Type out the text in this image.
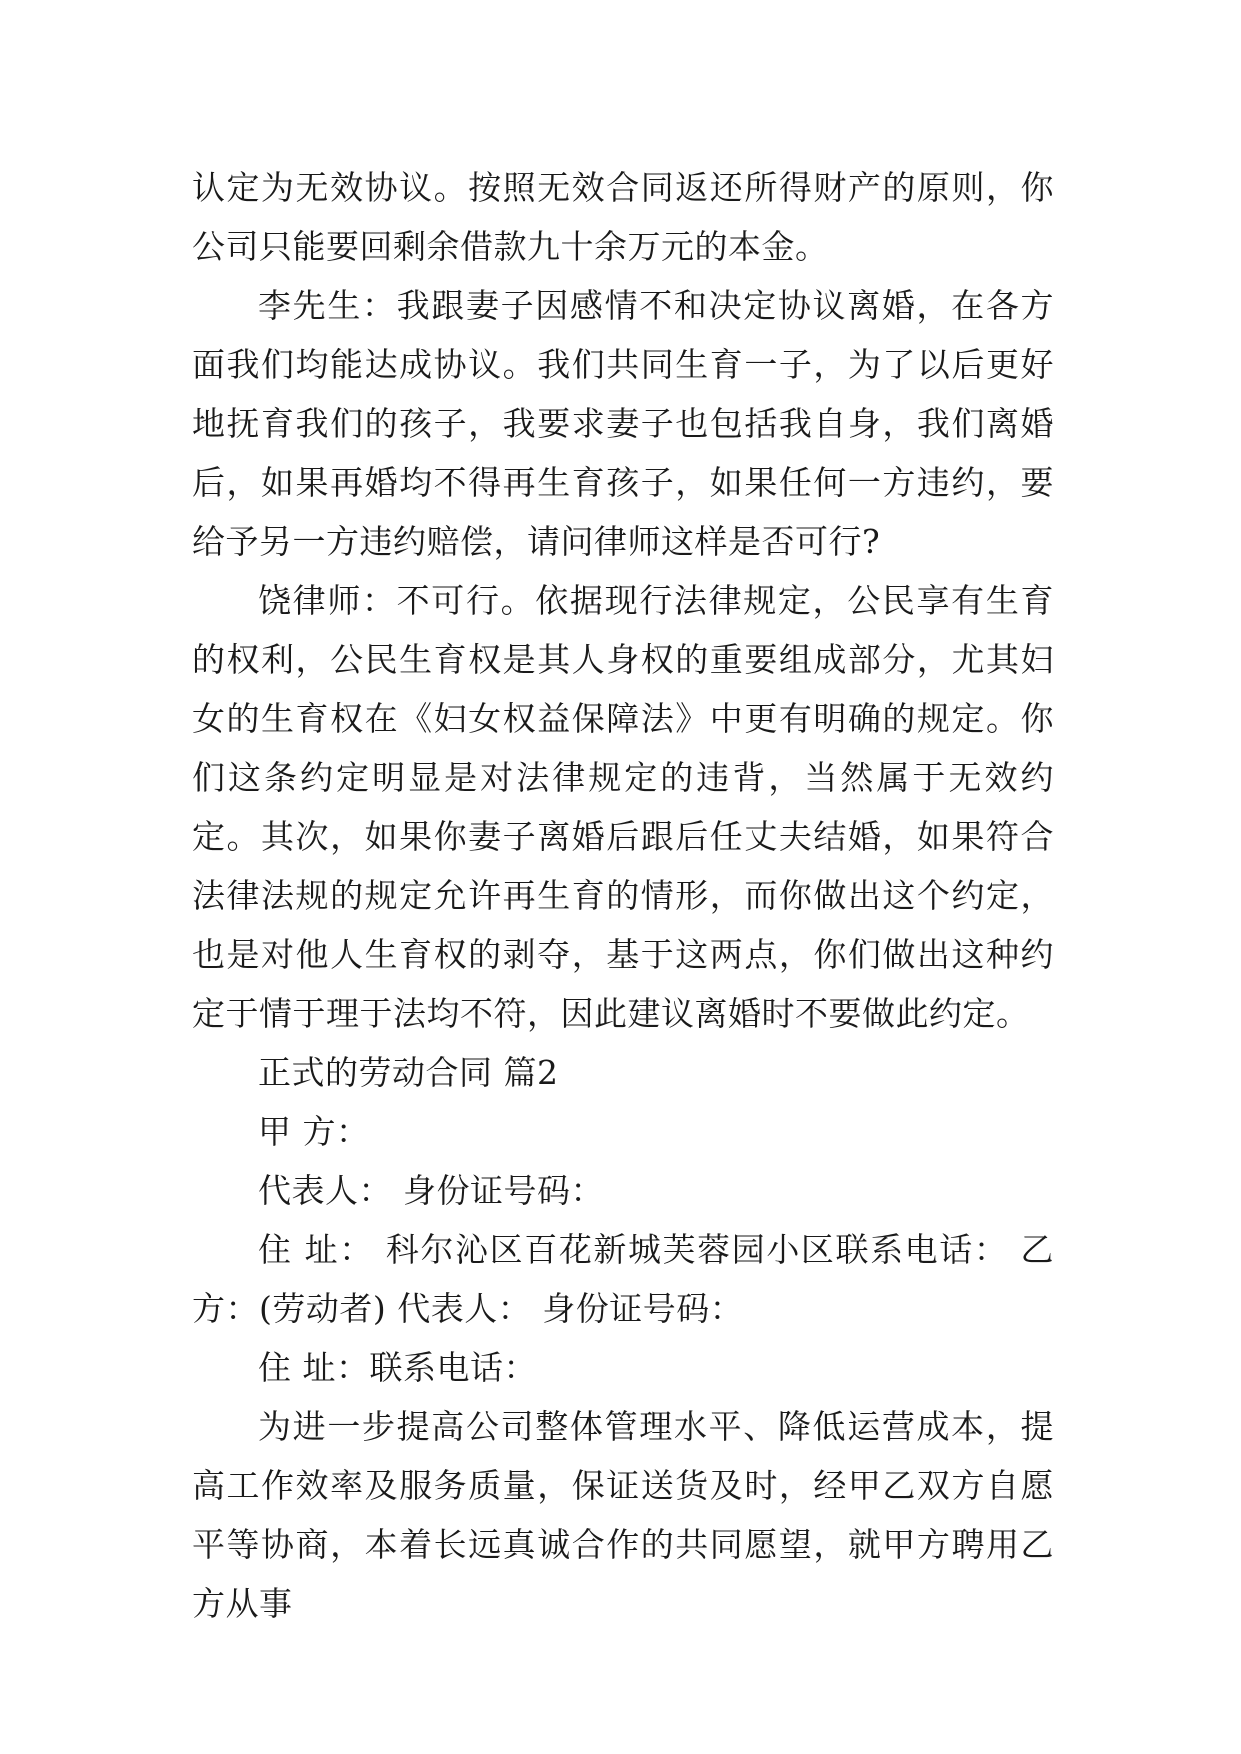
认定为无效协议。按照无效合同返还所得财产的原则，你公司只能要回剩余借款九十余万元的本金。

李先生：我跟妻子因感情不和决定协议离婚，在各方面我们均能达成协议。我们共同生育一子，为了以后更好地抚育我们的孩子，我要求妻子也包括我自身，我们离婚后，如果再婚均不得再生育孩子，如果任何一方违约，要给予另一方违约赔偿，请问律师这样是否可行?

饶律师：不可行。依据现行法律规定，公民享有生育的权利，公民生育权是其人身权的重要组成部分，尤其妇女的生育权在《妇女权益保障法》中更有明确的规定。你们这条约定明显是对法律规定的违背，当然属于无效约定。其次，如果你妻子离婚后跟后任丈夫结婚，如果符合法律法规的规定允许再生育的情形，而你做出这个约定，也是对他人生育权的剥夺，基于这两点，你们做出这种约定于情于理于法均不符，因此建议离婚时不要做此约定。

正式的劳动合同 篇2

甲 方：

代表人： 身份证号码：

住 址： 科尔沁区百花新城芙蓉园小区联系电话： 乙方：(劳动者) 代表人： 身份证号码：

住 址：联系电话：

为进一步提高公司整体管理水平、降低运营成本，提高工作效率及服务质量，保证送货及时，经甲乙双方自愿平等协商，本着长远真诚合作的共同愿望，就甲方聘用乙方从事
